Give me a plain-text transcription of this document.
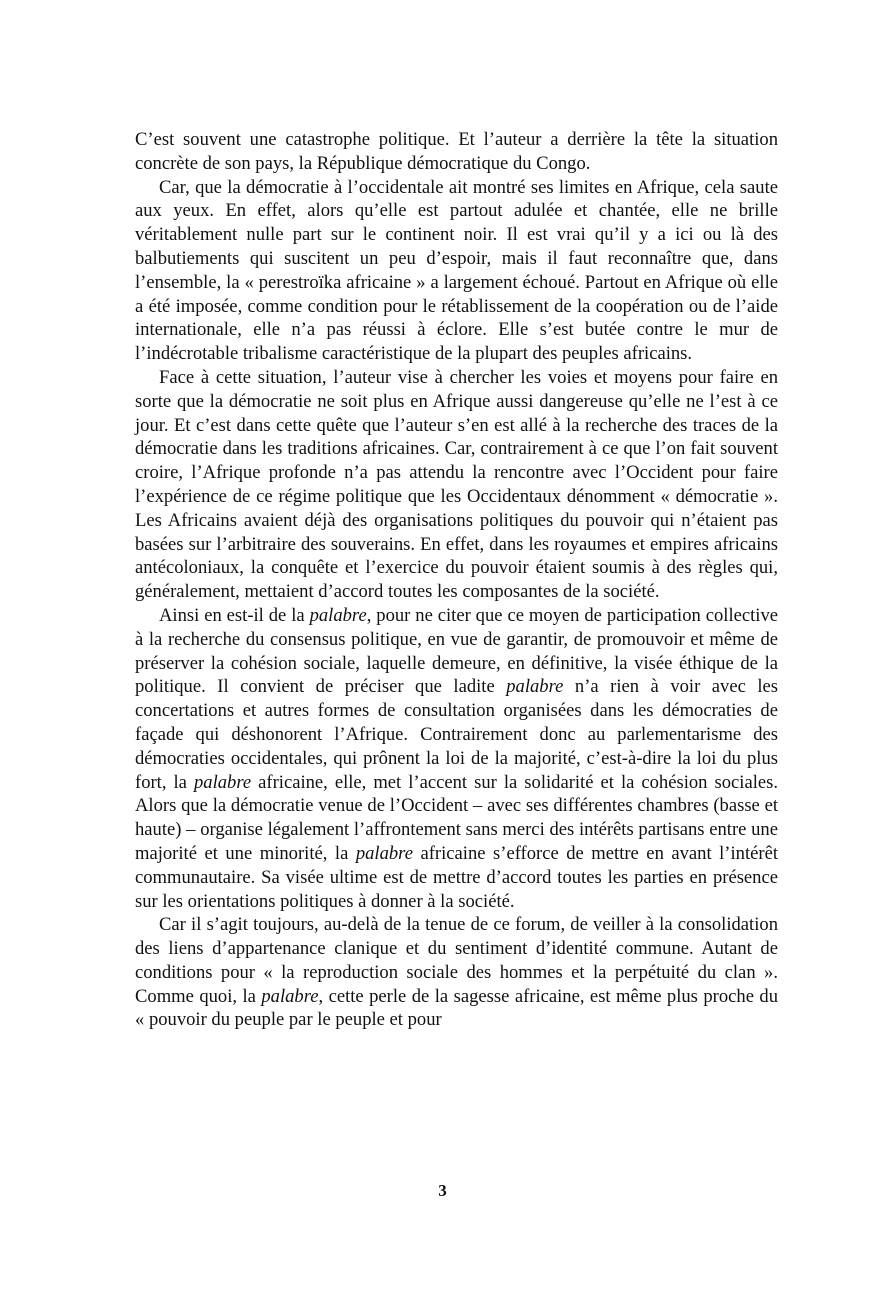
C’est souvent une catastrophe politique. Et l’auteur a derrière la tête la situation concrète de son pays, la République démocratique du Congo.

Car, que la démocratie à l’occidentale ait montré ses limites en Afrique, cela saute aux yeux. En effet, alors qu’elle est partout adulée et chantée, elle ne brille véritablement nulle part sur le continent noir. Il est vrai qu’il y a ici ou là des balbutiements qui suscitent un peu d’espoir, mais il faut reconnaître que, dans l’ensemble, la « perestroïka africaine » a largement échoué. Partout en Afrique où elle a été imposée, comme condition pour le rétablissement de la coopération ou de l’aide internationale, elle n’a pas réussi à éclore. Elle s’est butée contre le mur de l’indécrotable tribalisme caractéristique de la plupart des peuples africains.

Face à cette situation, l’auteur vise à chercher les voies et moyens pour faire en sorte que la démocratie ne soit plus en Afrique aussi dangereuse qu’elle ne l’est à ce jour. Et c’est dans cette quête que l’auteur s’en est allé à la recherche des traces de la démocratie dans les traditions africaines. Car, contrairement à ce que l’on fait souvent croire, l’Afrique profonde n’a pas attendu la rencontre avec l’Occident pour faire l’expérience de ce régime politique que les Occidentaux dénomment « démocratie ». Les Africains avaient déjà des organisations politiques du pouvoir qui n’étaient pas basées sur l’arbitraire des souverains. En effet, dans les royaumes et empires africains antécoloniaux, la conquête et l’exercice du pouvoir étaient soumis à des règles qui, généralement, mettaient d’accord toutes les composantes de la société.

Ainsi en est-il de la palabre, pour ne citer que ce moyen de participation collective à la recherche du consensus politique, en vue de garantir, de promouvoir et même de préserver la cohésion sociale, laquelle demeure, en définitive, la visée éthique de la politique. Il convient de préciser que ladite palabre n’a rien à voir avec les concertations et autres formes de consultation organisées dans les démocraties de façade qui déshonorent l’Afrique. Contrairement donc au parlementarisme des démocraties occidentales, qui prônent la loi de la majorité, c’est-à-dire la loi du plus fort, la palabre africaine, elle, met l’accent sur la solidarité et la cohésion sociales. Alors que la démocratie venue de l’Occident – avec ses différentes chambres (basse et haute) – organise légalement l’affrontement sans merci des intérêts partisans entre une majorité et une minorité, la palabre africaine s’efforce de mettre en avant l’intérêt communautaire. Sa visée ultime est de mettre d’accord toutes les parties en présence sur les orientations politiques à donner à la société.

Car il s’agit toujours, au-delà de la tenue de ce forum, de veiller à la consolidation des liens d’appartenance clanique et du sentiment d’identité commune. Autant de conditions pour « la reproduction sociale des hommes et la perpétuité du clan ». Comme quoi, la palabre, cette perle de la sagesse africaine, est même plus proche du « pouvoir du peuple par le peuple et pour

3
